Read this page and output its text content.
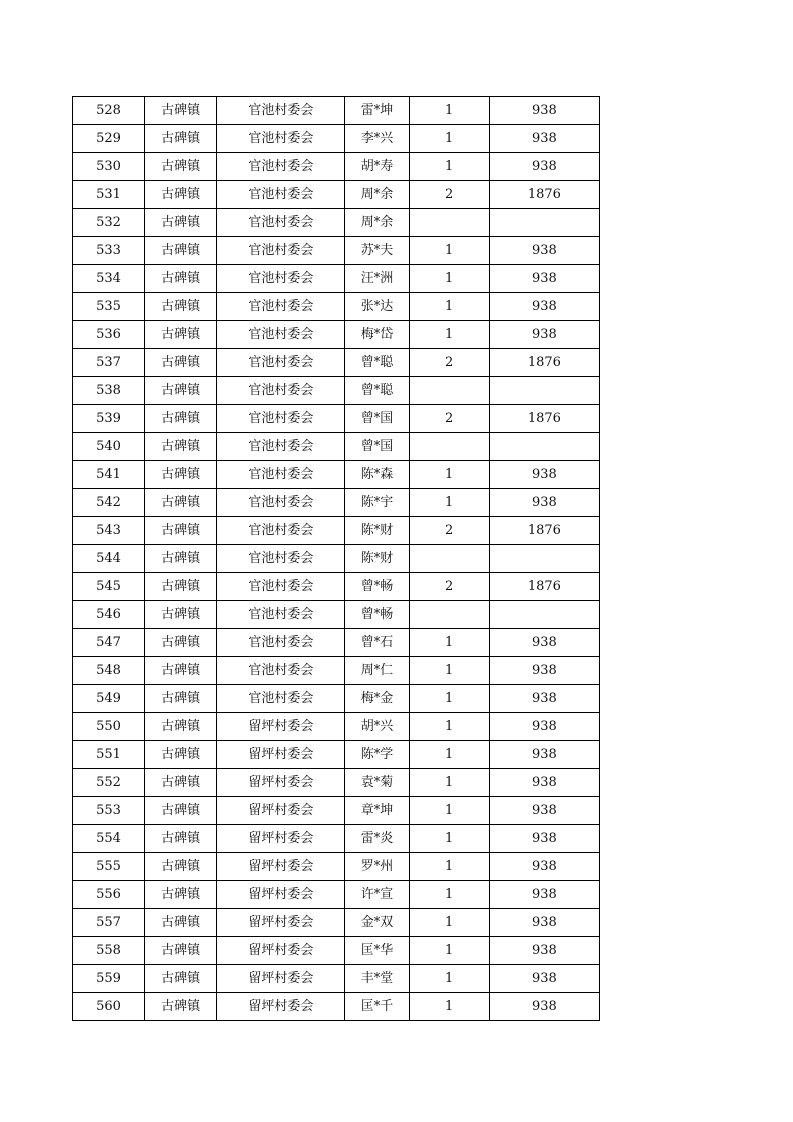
528	古碑镇	官池村委会	雷*坤	1	938
529	古碑镇	官池村委会	李*兴	1	938
530	古碑镇	官池村委会	胡*寿	1	938
531	古碑镇	官池村委会	周*余	2	1876
532	古碑镇	官池村委会	周*余		
533	古碑镇	官池村委会	苏*夫	1	938
534	古碑镇	官池村委会	汪*洲	1	938
535	古碑镇	官池村委会	张*达	1	938
536	古碑镇	官池村委会	梅*岱	1	938
537	古碑镇	官池村委会	曾*聪	2	1876
538	古碑镇	官池村委会	曾*聪		
539	古碑镇	官池村委会	曾*国	2	1876
540	古碑镇	官池村委会	曾*国		
541	古碑镇	官池村委会	陈*森	1	938
542	古碑镇	官池村委会	陈*宇	1	938
543	古碑镇	官池村委会	陈*财	2	1876
544	古碑镇	官池村委会	陈*财		
545	古碑镇	官池村委会	曾*畅	2	1876
546	古碑镇	官池村委会	曾*畅		
547	古碑镇	官池村委会	曾*石	1	938
548	古碑镇	官池村委会	周*仁	1	938
549	古碑镇	官池村委会	梅*金	1	938
550	古碑镇	留坪村委会	胡*兴	1	938
551	古碑镇	留坪村委会	陈*学	1	938
552	古碑镇	留坪村委会	袁*菊	1	938
553	古碑镇	留坪村委会	章*坤	1	938
554	古碑镇	留坪村委会	雷*炎	1	938
555	古碑镇	留坪村委会	罗*州	1	938
556	古碑镇	留坪村委会	许*宣	1	938
557	古碑镇	留坪村委会	金*双	1	938
558	古碑镇	留坪村委会	匡*华	1	938
559	古碑镇	留坪村委会	丰*堂	1	938
560	古碑镇	留坪村委会	匡*千	1	938
